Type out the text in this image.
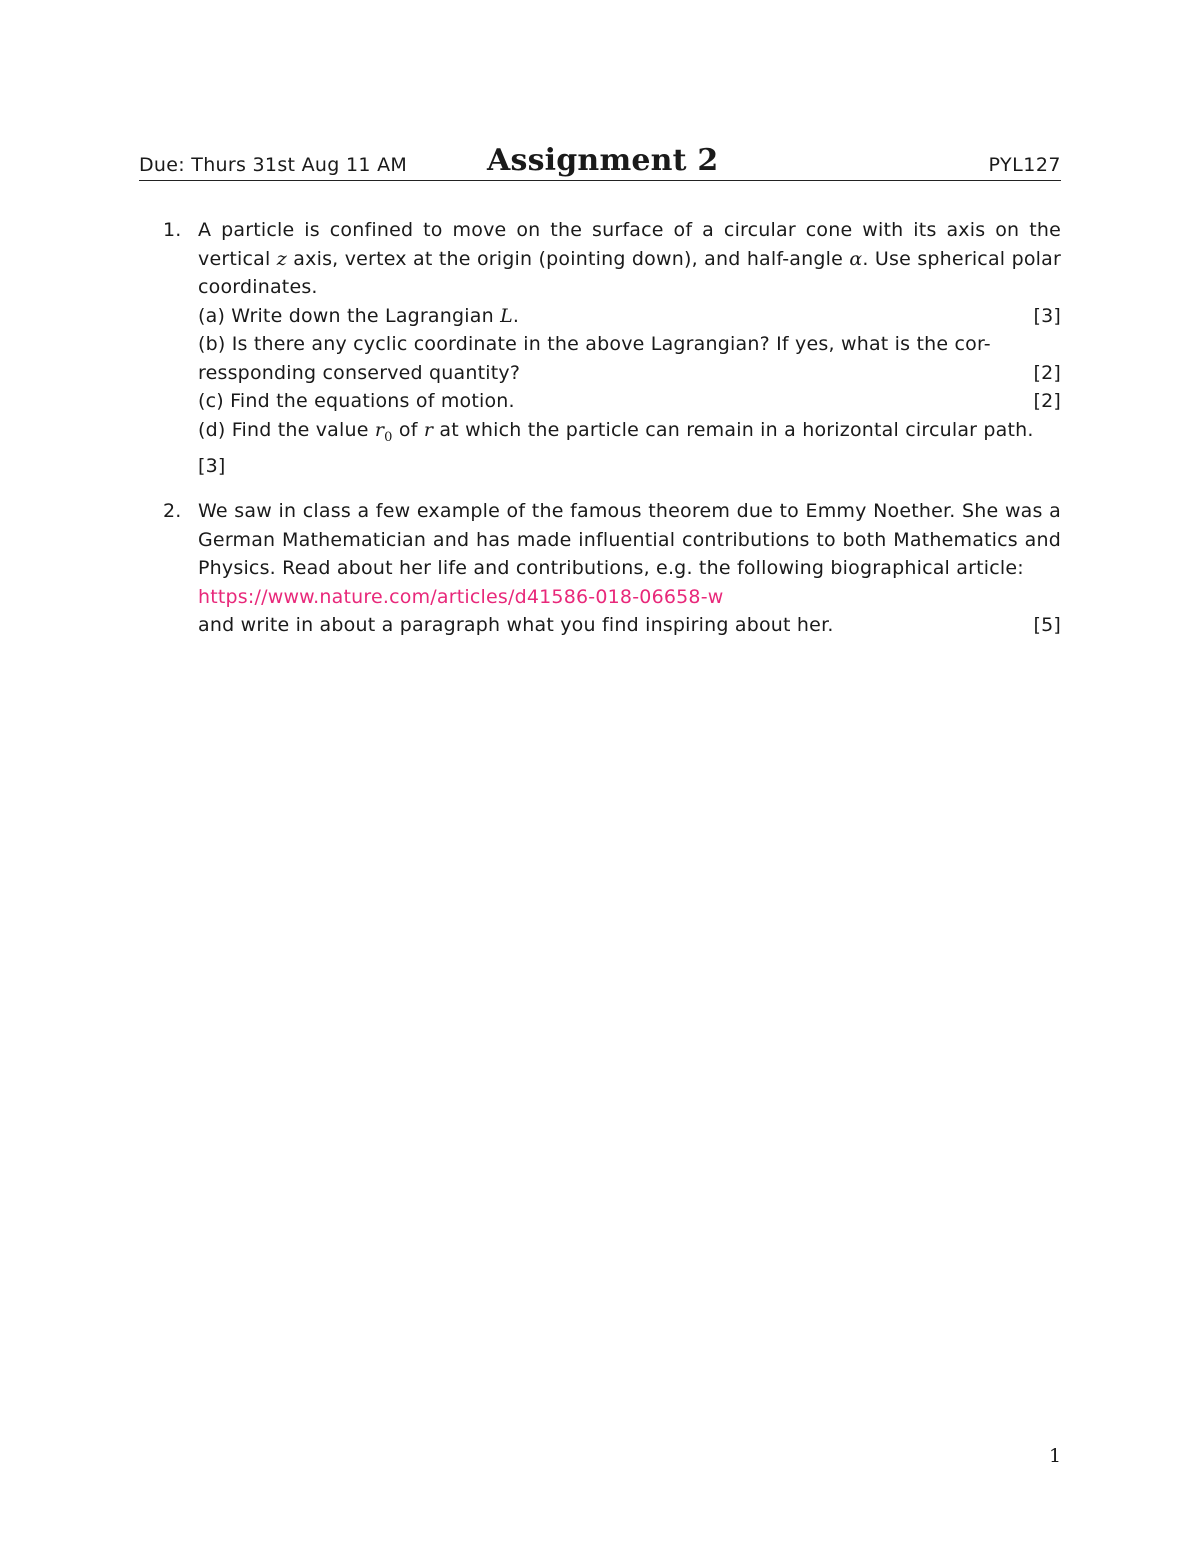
Due: Thurs 31st Aug 11 AM	Assignment 2	PYL127
1. A particle is confined to move on the surface of a circular cone with its axis on the vertical z axis, vertex at the origin (pointing down), and half-angle α. Use spherical polar coordinates.
(a) Write down the Lagrangian L.	[3]
(b) Is there any cyclic coordinate in the above Lagrangian? If yes, what is the cor-
ressponding conserved quantity?	[2]
(c) Find the equations of motion.	[2]
(d) Find the value $r_0$ of r at which the particle can remain in a horizontal circular path.
[3]
2. We saw in class a few example of the famous theorem due to Emmy Noether. She was a German Mathematician and has made influential contributions to both Mathematics and Physics. Read about her life and contributions, e.g. the following biographical article:
https://www.nature.com/articles/d41586-018-06658-w
and write in about a paragraph what you find inspiring about her.	[5]
1
